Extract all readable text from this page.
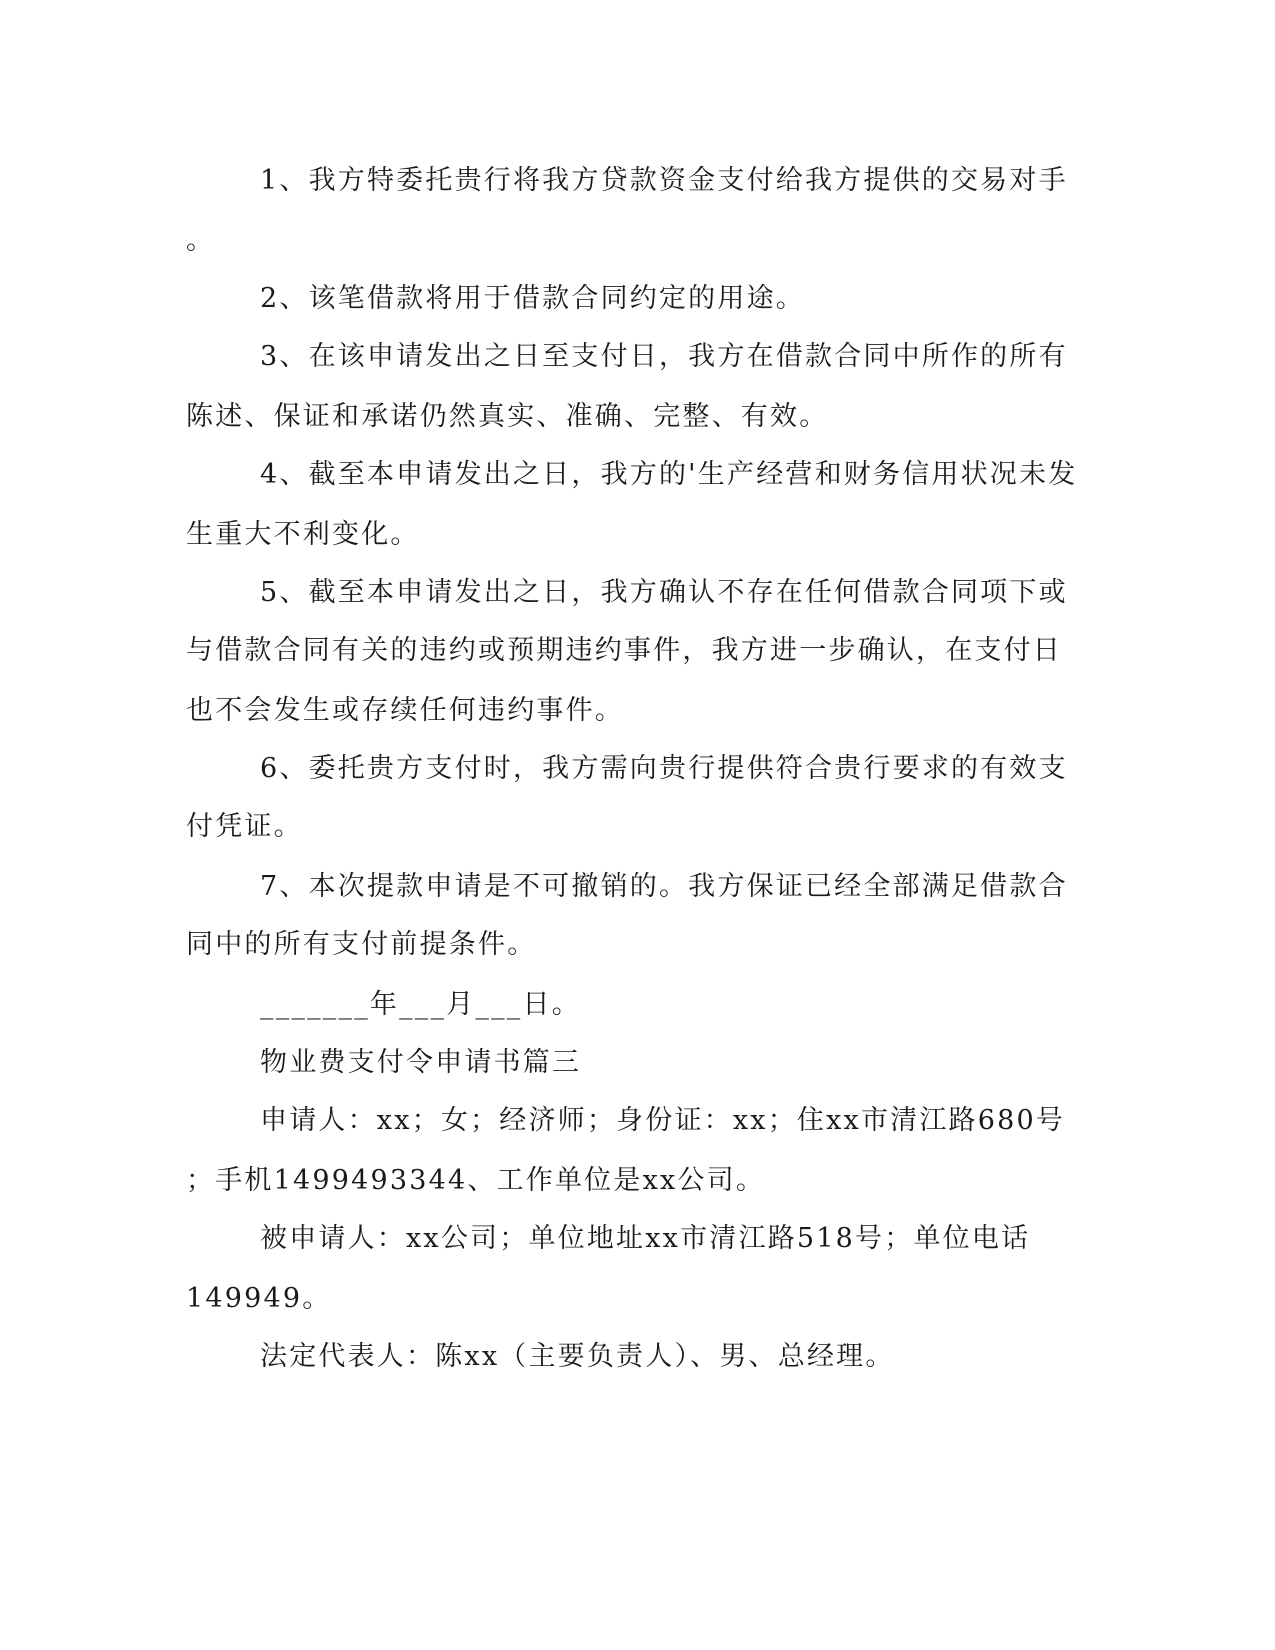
1、我方特委托贵行将我方贷款资金支付给我方提供的交易对手
。
2、该笔借款将用于借款合同约定的用途。
3、在该申请发出之日至支付日，我方在借款合同中所作的所有
陈述、保证和承诺仍然真实、准确、完整、有效。
4、截至本申请发出之日，我方的'生产经营和财务信用状况未发
生重大不利变化。
5、截至本申请发出之日，我方确认不存在任何借款合同项下或
与借款合同有关的违约或预期违约事件，我方进一步确认，在支付日
也不会发生或存续任何违约事件。
6、委托贵方支付时，我方需向贵行提供符合贵行要求的有效支
付凭证。
7、本次提款申请是不可撤销的。我方保证已经全部满足借款合
同中的所有支付前提条件。
_______年___月___日。
物业费支付令申请书篇三
申请人：xx；女；经济师；身份证：xx；住xx市清江路680号
；手机1499493344、工作单位是xx公司。
被申请人：xx公司；单位地址xx市清江路518号；单位电话
149949。
法定代表人：陈xx（主要负责人）、男、总经理。
